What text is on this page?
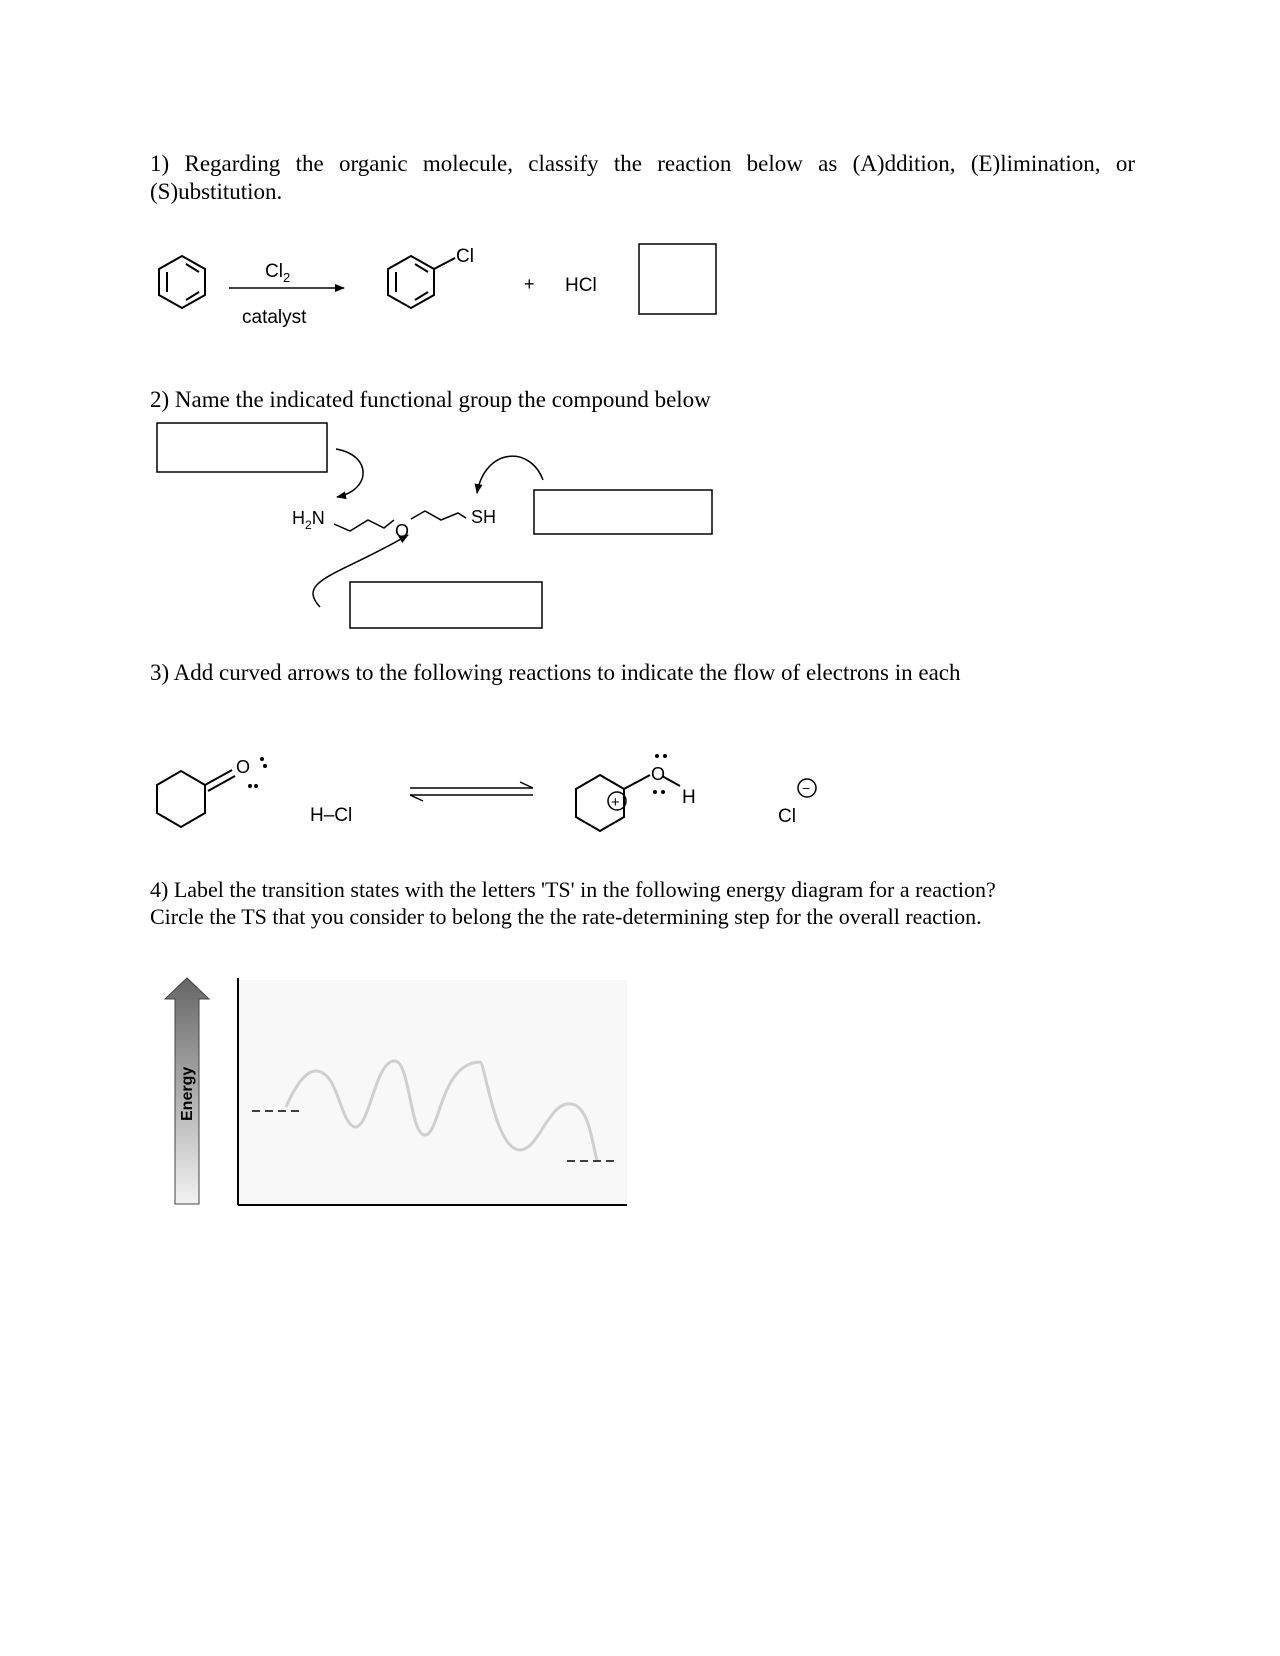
1) Regarding the organic molecule, classify the reaction below as (A)ddition, (E)limination, or (S)ubstitution.

$Cl_2$
catalyst
Cl
+ HCl
$H_2N$
O
SH
O
H–Cl
+
O
H	−
Cl
Energy

2) Name the indicated functional group the compound below

3) Add curved arrows to the following reactions to indicate the flow of electrons in each

4) Label the transition states with the letters 'TS' in the following energy diagram for a reaction?

Circle the TS that you consider to belong the the rate-determining step for the overall reaction.
